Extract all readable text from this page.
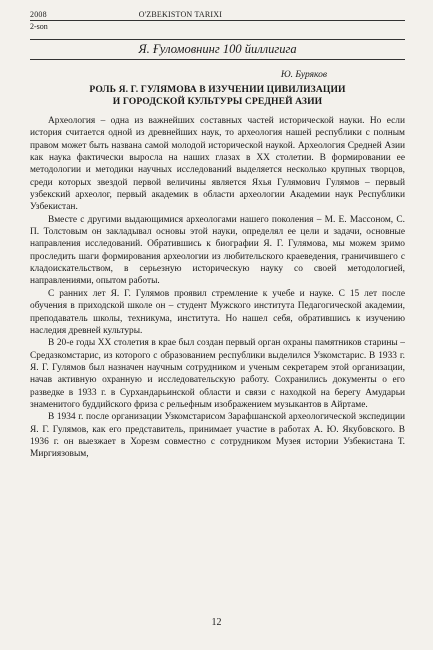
2008	O'ZBEKISTON TARIXI
2-son
Я. Ғуломовнинг 100 йиллигига
Ю. Буряков
РОЛЬ Я. Г. ГУЛЯМОВА В ИЗУЧЕНИИ ЦИВИЛИЗАЦИИ
И ГОРОДСКОЙ КУЛЬТУРЫ СРЕДНЕЙ АЗИИ

Археология – одна из важнейших составных частей исторической науки. Но если история считается одной из древнейших наук, то археология нашей республики с полным правом может быть названа самой молодой исторической наукой. Археология Средней Азии как наука фактически выросла на наших глазах в XX столетии. В формировании ее методологии и методики научных исследований выделяется несколько крупных творцов, среди которых звездой первой величины является Яхья Гулямович Гулямов – первый узбекский археолог, первый академик в области археологии Академии наук Республики Узбекистан.

Вместе с другими выдающимися археологами нашего поколения – М. Е. Массоном, С. П. Толстовым он закладывал основы этой науки, определял ее цели и задачи, основные направления исследований. Обратившись к биографии Я. Г. Гулямова, мы можем зримо проследить шаги формирования археологии из любительского краеведения, граничившего с кладоискательством, в серьезную историческую науку со своей методологией, направлениями, опытом работы.

С ранних лет Я. Г. Гулямов проявил стремление к учебе и науке. С 15 лет после обучения в приходской школе он – студент Мужского института Педагогической академии, преподаватель школы, техникума, института. Но нашел себя, обратившись к изучению наследия древней культуры.

В 20-е годы XX столетия в крае был создан первый орган охраны памятников старины – Средазкомстарис, из которого с образованием республики выделился Узкомстарис. В 1933 г. Я. Г. Гулямов был назначен научным сотрудником и ученым секретарем этой организации, начав активную охранную и исследовательскую работу. Сохранились документы о его разведке в 1933 г. в Сурхандарьинской области и связи с находкой на берегу Амударьи знаменитого буддийского фриза с рельефным изображением музыкантов в Айртаме.

В 1934 г. после организации Узкомстарисом Зарафшанской археологической экспедиции Я. Г. Гулямов, как его представитель, принимает участие в работах А. Ю. Якубовского. В 1936 г. он выезжает в Хорезм совместно с сотрудником Музея истории Узбекистана Т. Миргиязовым,

12
